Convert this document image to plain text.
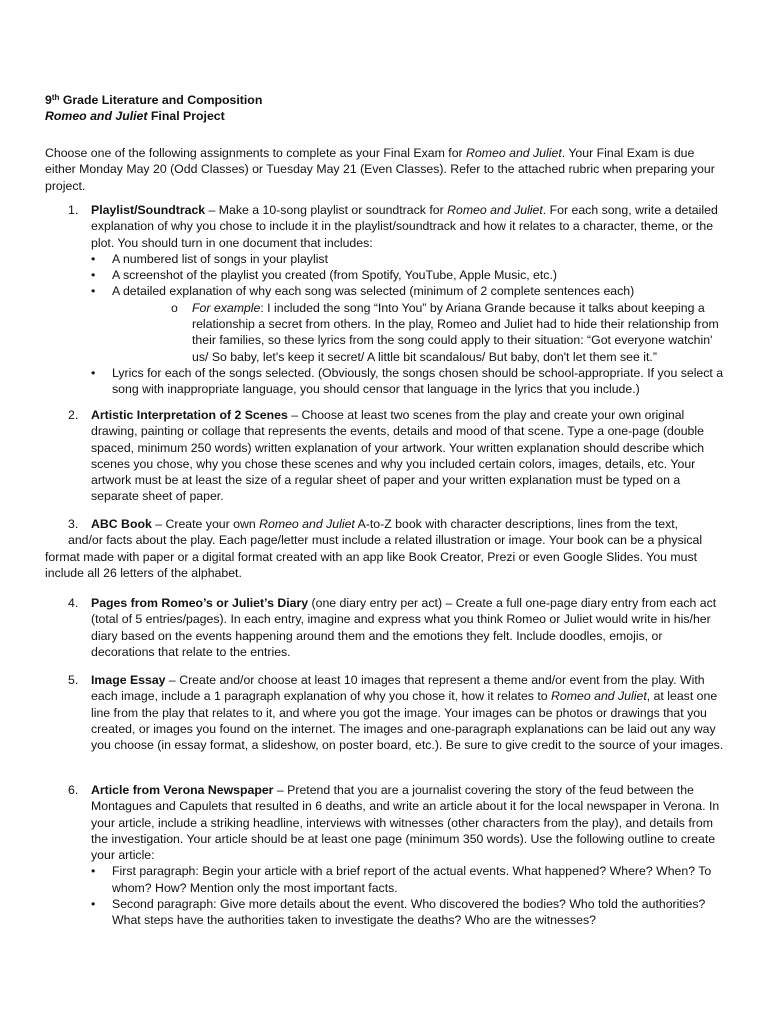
9th Grade Literature and Composition
Romeo and Juliet Final Project
Choose one of the following assignments to complete as your Final Exam for Romeo and Juliet. Your Final Exam is due either Monday May 20 (Odd Classes) or Tuesday May 21 (Even Classes). Refer to the attached rubric when preparing your project.
1.	Playlist/Soundtrack – Make a 10-song playlist or soundtrack for Romeo and Juliet. For each song, write a detailed explanation of why you chose to include it in the playlist/soundtrack and how it relates to a character, theme, or the plot. You should turn in one document that includes:
• A numbered list of songs in your playlist
• A screenshot of the playlist you created (from Spotify, YouTube, Apple Music, etc.)
• A detailed explanation of why each song was selected (minimum of 2 complete sentences each)
o For example: I included the song “Into You” by Ariana Grande because it talks about keeping a relationship a secret from others. In the play, Romeo and Juliet had to hide their relationship from their families, so these lyrics from the song could apply to their situation: “Got everyone watchin' us/ So baby, let's keep it secret/ A little bit scandalous/ But baby, don't let them see it.”
• Lyrics for each of the songs selected. (Obviously, the songs chosen should be school-appropriate. If you select a song with inappropriate language, you should censor that language in the lyrics that you include.)
2.	Artistic Interpretation of 2 Scenes – Choose at least two scenes from the play and create your own original drawing, painting or collage that represents the events, details and mood of that scene. Type a one-page (double spaced, minimum 250 words) written explanation of your artwork. Your written explanation should describe which scenes you chose, why you chose these scenes and why you included certain colors, images, details, etc. Your artwork must be at least the size of a regular sheet of paper and your written explanation must be typed on a separate sheet of paper.
3.	ABC Book – Create your own Romeo and Juliet A-to-Z book with character descriptions, lines from the text,
and/or facts about the play. Each page/letter must include a related illustration or image. Your book can be a physical format made with paper or a digital format created with an app like Book Creator, Prezi or even Google Slides. You must include all 26 letters of the alphabet.
4.	Pages from Romeo’s or Juliet’s Diary (one diary entry per act) – Create a full one-page diary entry from each act (total of 5 entries/pages). In each entry, imagine and express what you think Romeo or Juliet would write in his/her diary based on the events happening around them and the emotions they felt. Include doodles, emojis, or decorations that relate to the entries.
5.	Image Essay – Create and/or choose at least 10 images that represent a theme and/or event from the play. With each image, include a 1 paragraph explanation of why you chose it, how it relates to Romeo and Juliet, at least one line from the play that relates to it, and where you got the image. Your images can be photos or drawings that you created, or images you found on the internet. The images and one-paragraph explanations can be laid out any way you choose (in essay format, a slideshow, on poster board, etc.). Be sure to give credit to the source of your images.
6.	Article from Verona Newspaper – Pretend that you are a journalist covering the story of the feud between the Montagues and Capulets that resulted in 6 deaths, and write an article about it for the local newspaper in Verona. In your article, include a striking headline, interviews with witnesses (other characters from the play), and details from the investigation. Your article should be at least one page (minimum 350 words). Use the following outline to create your article:
• First paragraph: Begin your article with a brief report of the actual events. What happened? Where? When? To whom? How? Mention only the most important facts.
• Second paragraph: Give more details about the event. Who discovered the bodies? Who told the authorities? What steps have the authorities taken to investigate the deaths? Who are the witnesses?
